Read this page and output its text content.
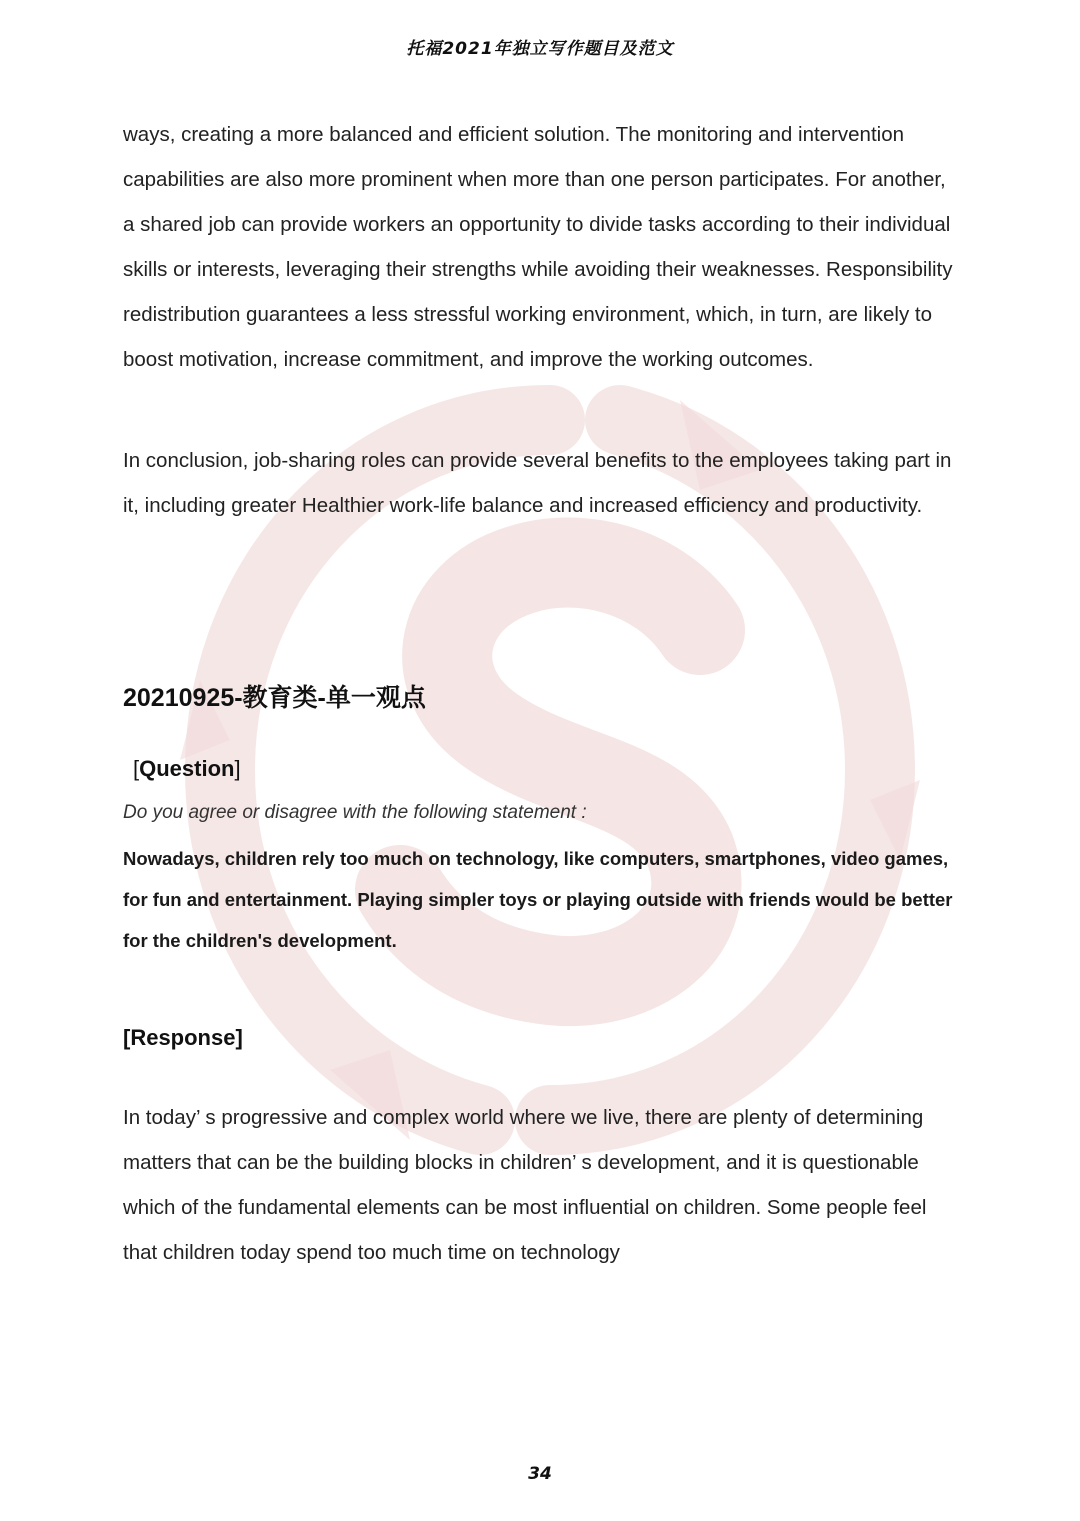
托福2021年独立写作题目及范文

ways, creating a more balanced and efficient solution. The monitoring and intervention capabilities are also more prominent when more than one person participates. For another, a shared job can provide workers an opportunity to divide tasks according to their individual skills or interests, leveraging their strengths while avoiding their weaknesses. Responsibility redistribution guarantees a less stressful working environment, which, in turn, are likely to boost motivation, increase commitment, and improve the working outcomes.

In conclusion, job-sharing roles can provide several benefits to the employees taking part in it, including greater Healthier work-life balance and increased efficiency and productivity.

20210925-教育类-单一观点
[Question]

Do you agree or disagree with the following statement :

Nowadays, children rely too much on technology, like computers, smartphones, video games, for fun and entertainment. Playing simpler toys or playing outside with friends would be better for the children's development.

[Response]

In today’ s progressive and complex world where we live, there are plenty of determining matters that can be the building blocks in children’ s development, and it is questionable which of the fundamental elements can be most influential on children. Some people feel that children today spend too much time on technology

34
